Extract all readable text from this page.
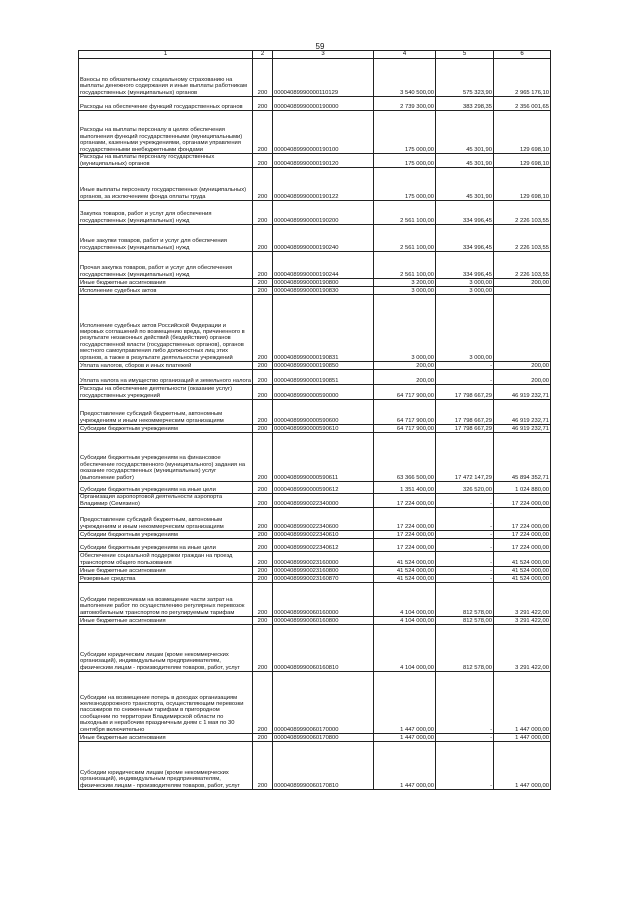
59
1	2	3	4	5	6
Взносы по обязательному социальному страхованию на выплаты денежного содержания и иные выплаты работникам государственных (муниципальных) органов	200	00004089990000110129	3 540 500,00	575 323,90	2 965 176,10
Расходы на обеспечение функций государственных органов	200	00004089990000190000	2 739 300,00	383 298,35	2 356 001,65
Расходы на выплаты персоналу в целях обеспечения выполнения функций государственными (муниципальными) органами, казенными учреждениями, органами управления государственными внебюджетными фондами	200	00004089990000190100	175 000,00	45 301,90	129 698,10
Расходы на выплаты персоналу государственных (муниципальных) органов	200	00004089990000190120	175 000,00	45 301,90	129 698,10
Иные выплаты персоналу государственных (муниципальных) органов, за исключением фонда оплаты труда	200	00004089990000190122	175 000,00	45 301,90	129 698,10
Закупка товаров, работ и услуг для обеспечения государственных (муниципальных) нужд	200	00004089990000190200	2 561 100,00	334 996,45	2 226 103,55
Иные закупки товаров, работ и услуг для обеспечения государственных (муниципальных) нужд	200	00004089990000190240	2 561 100,00	334 996,45	2 226 103,55
Прочая закупка товаров, работ и услуг для обеспечения государственных (муниципальных) нужд	200	00004089990000190244	2 561 100,00	334 996,45	2 226 103,55
Иные бюджетные ассигнования	200	00004089990000190800	3 200,00	3 000,00	200,00
Исполнение судебных актов	200	00004089990000190830	3 000,00	3 000,00	
Исполнение судебных актов Российской Федерации и мировых соглашений по возмещению вреда, причиненного в результате незаконных действий (бездействия) органов государственной власти (государственных органов), органов местного самоуправления либо должностных лиц этих органов, а также в результате деятельности учреждений	200	00004089990000190831	3 000,00	3 000,00	
Уплата налогов, сборов и иных платежей	200	00004089990000190850	200,00	-	200,00
Уплата налога на имущество организаций и земельного налога	200	00004089990000190851	200,00	-	200,00
Расходы на обеспечение деятельности (оказание услуг) государственных учреждений	200	00004089990000590000	64 717 900,00	17 798 667,29	46 919 232,71
Предоставление субсидий бюджетным, автономным учреждениям и иным некоммерческим организациям	200	00004089990000590600	64 717 900,00	17 798 667,29	46 919 232,71
Субсидии бюджетным учреждениям	200	00004089990000590610	64 717 900,00	17 798 667,29	46 919 232,71
Субсидии бюджетным учреждениям на финансовое обеспечение государственного (муниципального) задания на оказание государственных (муниципальных) услуг (выполнение работ)	200	00004089990000590611	63 366 500,00	17 472 147,29	45 894 352,71
Субсидии бюджетным учреждениям на иные цели	200	00004089990000590612	1 351 400,00	326 520,00	1 024 880,00
Организация аэропортовой деятельности аэропорта Владимир (Семязино)	200	00004089990022340000	17 224 000,00	-	17 224 000,00
Предоставление субсидий бюджетным, автономным учреждениям и иным некоммерческим организациям	200	00004089990022340600	17 224 000,00	-	17 224 000,00
Субсидии бюджетным учреждениям	200	00004089990022340610	17 224 000,00	-	17 224 000,00
Субсидии бюджетным учреждениям на иные цели	200	00004089990022340612	17 224 000,00	-	17 224 000,00
Обеспечение социальной поддержки граждан на проезд транспортом общего пользования	200	00004089990023160000	41 524 000,00	-	41 524 000,00
Иные бюджетные ассигнования	200	00004089990023160800	41 524 000,00	-	41 524 000,00
Резервные средства	200	00004089990023160870	41 524 000,00	-	41 524 000,00
Субсидии перевозчикам на возмещение части затрат на выполнение работ по осуществлению регулярных перевозок автомобильным транспортом по регулируемым тарифам	200	00004089990060160000	4 104 000,00	812 578,00	3 291 422,00
Иные бюджетные ассигнования	200	00004089990060160800	4 104 000,00	812 578,00	3 291 422,00
Субсидии юридическим лицам (кроме некоммерческих организаций), индивидуальным предпринимателям, физическим лицам - производителям товаров, работ, услуг	200	00004089990060160810	4 104 000,00	812 578,00	3 291 422,00
Субсидии на возмещение потерь в доходах организациям железнодорожного транспорта, осуществляющим перевозки пассажиров по сниженным тарифам в пригородном сообщении по территории Владимирской области по выходным и нерабочим праздничным дням с 1 мая по 30 сентября включительно	200	00004089990060170000	1 447 000,00	-	1 447 000,00
Иные бюджетные ассигнования	200	00004089990060170800	1 447 000,00	-	1 447 000,00
Субсидии юридическим лицам (кроме некоммерческих организаций), индивидуальным предпринимателям, физическим лицам - производителям товаров, работ, услуг	200	00004089990060170810	1 447 000,00	-	1 447 000,00
